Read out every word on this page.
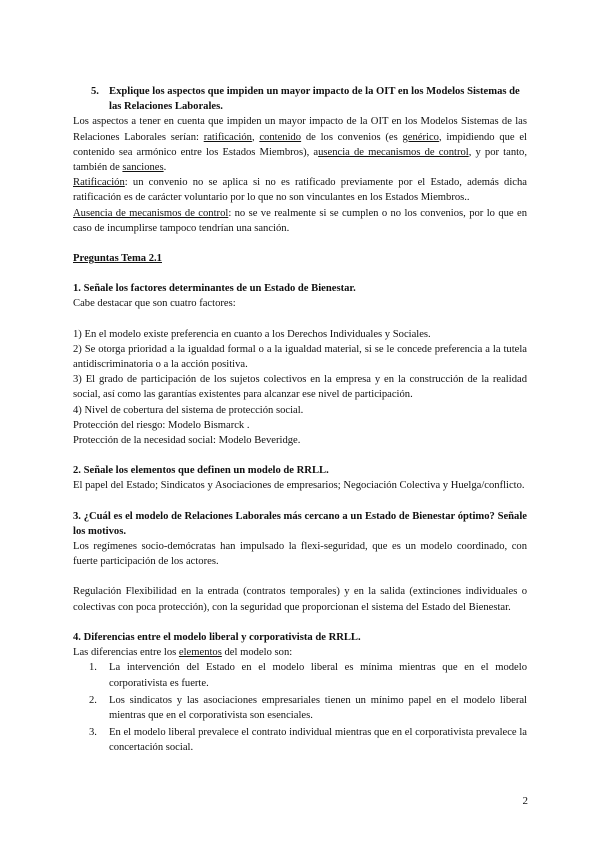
5. Explique los aspectos que impiden un mayor impacto de la OIT en los Modelos Sistemas de las Relaciones Laborales.

Los aspectos a tener en cuenta que impiden un mayor impacto de la OIT en los Modelos Sistemas de las Relaciones Laborales serían: ratificación, contenido de los convenios (es genérico, impidiendo que el contenido sea armónico entre los Estados Miembros), ausencia de mecanismos de control, y por tanto, también de sanciones.

Ratificación: un convenio no se aplica si no es ratificado previamente por el Estado, además dicha ratificación es de carácter voluntario por lo que no son vinculantes en los Estados Miembros..

Ausencia de mecanismos de control: no se ve realmente si se cumplen o no los convenios, por lo que en caso de incumplirse tampoco tendrían una sanción.

Preguntas Tema 2.1

1. Señale los factores determinantes de un Estado de Bienestar.

Cabe destacar que son cuatro factores:

1) En el modelo existe preferencia en cuanto a los Derechos Individuales y Sociales.

2) Se otorga prioridad a la igualdad formal o a la igualdad material, si se le concede preferencia a la tutela antidiscriminatoria o a la acción positiva.

3) El grado de participación de los sujetos colectivos en la empresa y en la construcción de la realidad social, así como las garantías existentes para alcanzar ese nivel de participación.

4) Nivel de cobertura del sistema de protección social.

Protección del riesgo: Modelo Bismarck .

Protección de la necesidad social: Modelo Beveridge.

2. Señale los elementos que definen un modelo de RRLL.

El papel del Estado; Sindicatos y Asociaciones de empresarios; Negociación Colectiva y Huelga/conflicto.

3. ¿Cuál es el modelo de Relaciones Laborales más cercano a un Estado de Bienestar óptimo? Señale los motivos.

Los regímenes socio-demócratas han impulsado la flexi-seguridad, que es un modelo coordinado, con fuerte participación de los actores.

Regulación Flexibilidad en la entrada (contratos temporales) y en la salida (extinciones individuales o colectivas con poca protección), con la seguridad que proporcionan el sistema del Estado del Bienestar.

4. Diferencias entre el modelo liberal y corporativista de RRLL.

Las diferencias entre los elementos del modelo son:

1.	La intervención del Estado en el modelo liberal es mínima mientras que en el modelo corporativista es fuerte.
2.	Los sindicatos y las asociaciones empresariales tienen un mínimo papel en el modelo liberal mientras que en el corporativista son esenciales.
3.	En el modelo liberal prevalece el contrato individual mientras que en el corporativista prevalece la concertación social.
2
